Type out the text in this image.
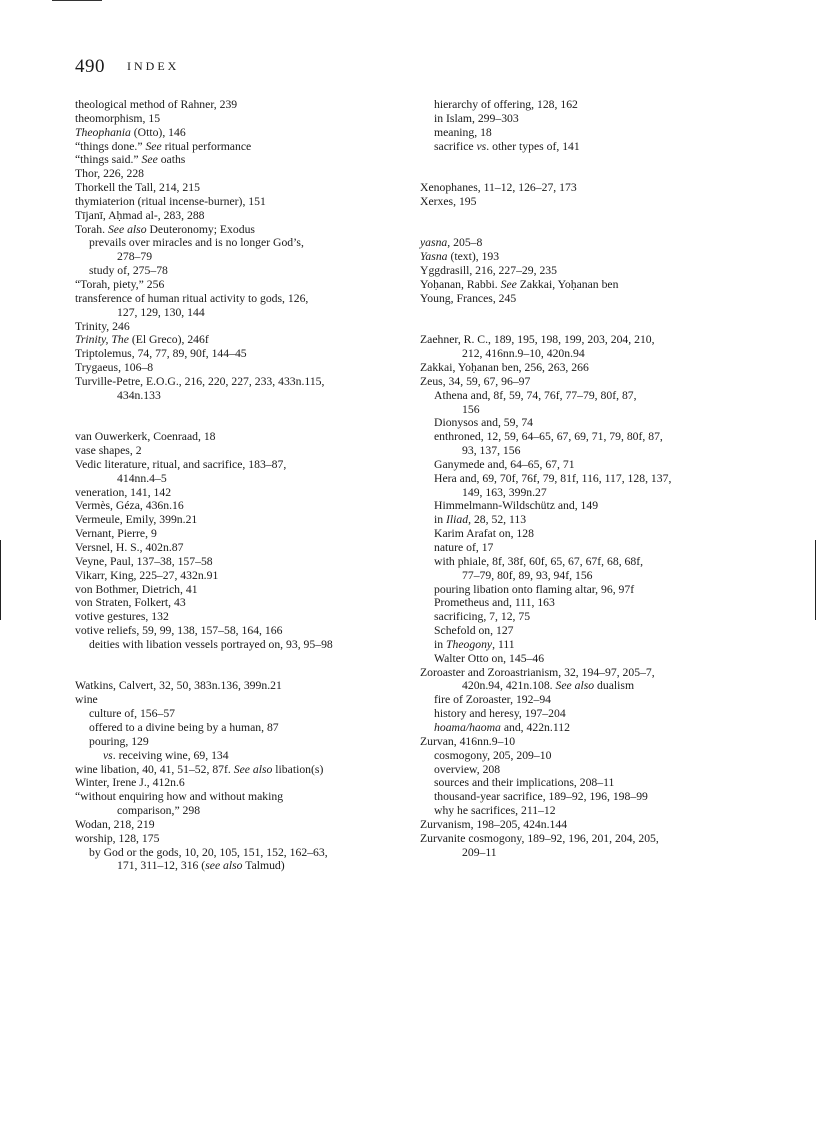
490 INDEX
theological method of Rahner, 239
theomorphism, 15
Theophania (Otto), 146
“things done.” See ritual performance
“things said.” See oaths
Thor, 226, 228
Thorkell the Tall, 214, 215
thymiaterion (ritual incense-burner), 151
Tījanī, Aḥmad al-, 283, 288
Torah. See also Deuteronomy; Exodus
prevails over miracles and is no longer God’s,
278–79
study of, 275–78
“Torah, piety,” 256
transference of human ritual activity to gods, 126,
127, 129, 130, 144
Trinity, 246
Trinity, The (El Greco), 246f
Triptolemus, 74, 77, 89, 90f, 144–45
Trygaeus, 106–8
Turville-Petre, E.O.G., 216, 220, 227, 233, 433n.115,
434n.133
van Ouwerkerk, Coenraad, 18
vase shapes, 2
Vedic literature, ritual, and sacrifice, 183–87,
414nn.4–5
veneration, 141, 142
Vermès, Géza, 436n.16
Vermeule, Emily, 399n.21
Vernant, Pierre, 9
Versnel, H. S., 402n.87
Veyne, Paul, 137–38, 157–58
Vikarr, King, 225–27, 432n.91
von Bothmer, Dietrich, 41
von Straten, Folkert, 43
votive gestures, 132
votive reliefs, 59, 99, 138, 157–58, 164, 166
deities with libation vessels portrayed on, 93, 95–98
Watkins, Calvert, 32, 50, 383n.136, 399n.21
wine
culture of, 156–57
offered to a divine being by a human, 87
pouring, 129
vs. receiving wine, 69, 134
wine libation, 40, 41, 51–52, 87f. See also libation(s)
Winter, Irene J., 412n.6
“without enquiring how and without making
comparison,” 298
Wodan, 218, 219
worship, 128, 175
by God or the gods, 10, 20, 105, 151, 152, 162–63,
171, 311–12, 316 (see also Talmud)
hierarchy of offering, 128, 162
in Islam, 299–303
meaning, 18
sacrifice vs. other types of, 141
Xenophanes, 11–12, 126–27, 173
Xerxes, 195
yasna, 205–8
Yasna (text), 193
Yggdrasill, 216, 227–29, 235
Yoḥanan, Rabbi. See Zakkai, Yoḥanan ben
Young, Frances, 245
Zaehner, R. C., 189, 195, 198, 199, 203, 204, 210,
212, 416nn.9–10, 420n.94
Zakkai, Yoḥanan ben, 256, 263, 266
Zeus, 34, 59, 67, 96–97
Athena and, 8f, 59, 74, 76f, 77–79, 80f, 87,
156
Dionysos and, 59, 74
enthroned, 12, 59, 64–65, 67, 69, 71, 79, 80f, 87,
93, 137, 156
Ganymede and, 64–65, 67, 71
Hera and, 69, 70f, 76f, 79, 81f, 116, 117, 128, 137,
149, 163, 399n.27
Himmelmann-Wildschütz and, 149
in Iliad, 28, 52, 113
Karim Arafat on, 128
nature of, 17
with phiale, 8f, 38f, 60f, 65, 67, 67f, 68, 68f,
77–79, 80f, 89, 93, 94f, 156
pouring libation onto flaming altar, 96, 97f
Prometheus and, 111, 163
sacrificing, 7, 12, 75
Schefold on, 127
in Theogony, 111
Walter Otto on, 145–46
Zoroaster and Zoroastrianism, 32, 194–97, 205–7,
420n.94, 421n.108. See also dualism
fire of Zoroaster, 192–94
history and heresy, 197–204
hoama/haoma and, 422n.112
Zurvan, 416nn.9–10
cosmogony, 205, 209–10
overview, 208
sources and their implications, 208–11
thousand-year sacrifice, 189–92, 196, 198–99
why he sacrifices, 211–12
Zurvanism, 198–205, 424n.144
Zurvanite cosmogony, 189–92, 196, 201, 204, 205,
209–11
